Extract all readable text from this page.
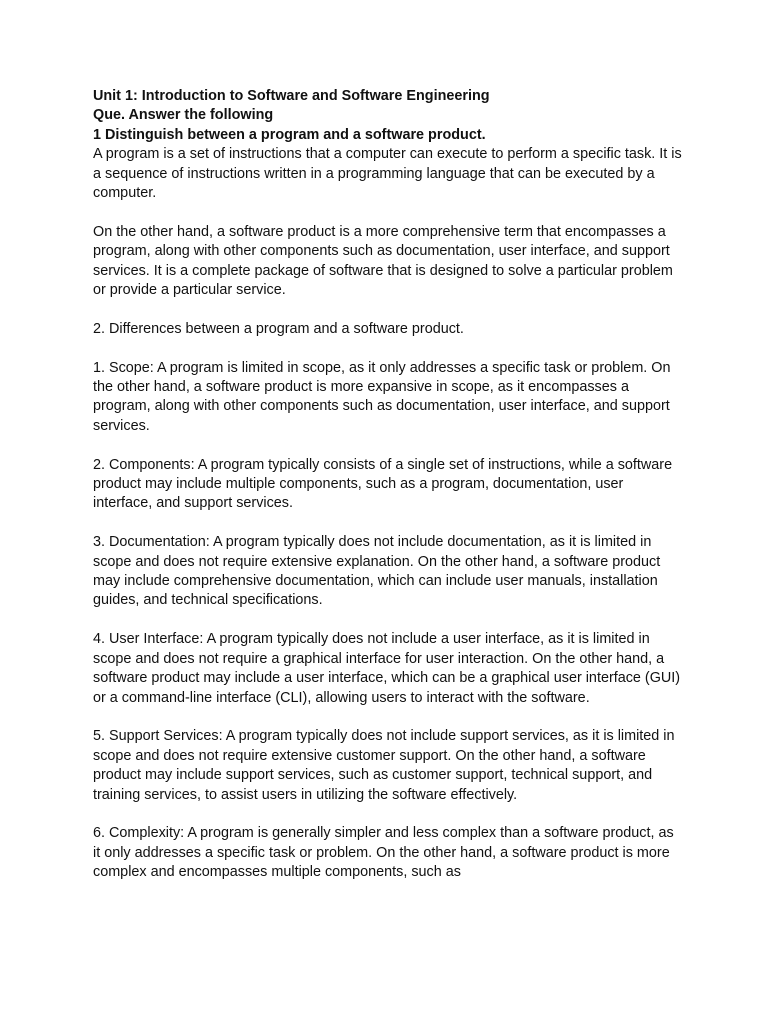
Unit 1: Introduction to Software and Software Engineering

Que. Answer the following

1 Distinguish between a program and a software product.

A program is a set of instructions that a computer can execute to perform a specific task. It is a sequence of instructions written in a programming language that can be executed by a computer.

On the other hand, a software product is a more comprehensive term that encompasses a program, along with other components such as documentation, user interface, and support services. It is a complete package of software that is designed to solve a particular problem or provide a particular service.

2. Differences between a program and a software product.

1. Scope: A program is limited in scope, as it only addresses a specific task or problem. On the other hand, a software product is more expansive in scope, as it encompasses a program, along with other components such as documentation, user interface, and support services.

2. Components: A program typically consists of a single set of instructions, while a software product may include multiple components, such as a program, documentation, user interface, and support services.

3. Documentation: A program typically does not include documentation, as it is limited in scope and does not require extensive explanation. On the other hand, a software product may include comprehensive documentation, which can include user manuals, installation guides, and technical specifications.

4. User Interface: A program typically does not include a user interface, as it is limited in scope and does not require a graphical interface for user interaction. On the other hand, a software product may include a user interface, which can be a graphical user interface (GUI) or a command-line interface (CLI), allowing users to interact with the software.

5. Support Services: A program typically does not include support services, as it is limited in scope and does not require extensive customer support. On the other hand, a software product may include support services, such as customer support, technical support, and training services, to assist users in utilizing the software effectively.

6. Complexity: A program is generally simpler and less complex than a software product, as it only addresses a specific task or problem. On the other hand, a software product is more complex and encompasses multiple components, such as
